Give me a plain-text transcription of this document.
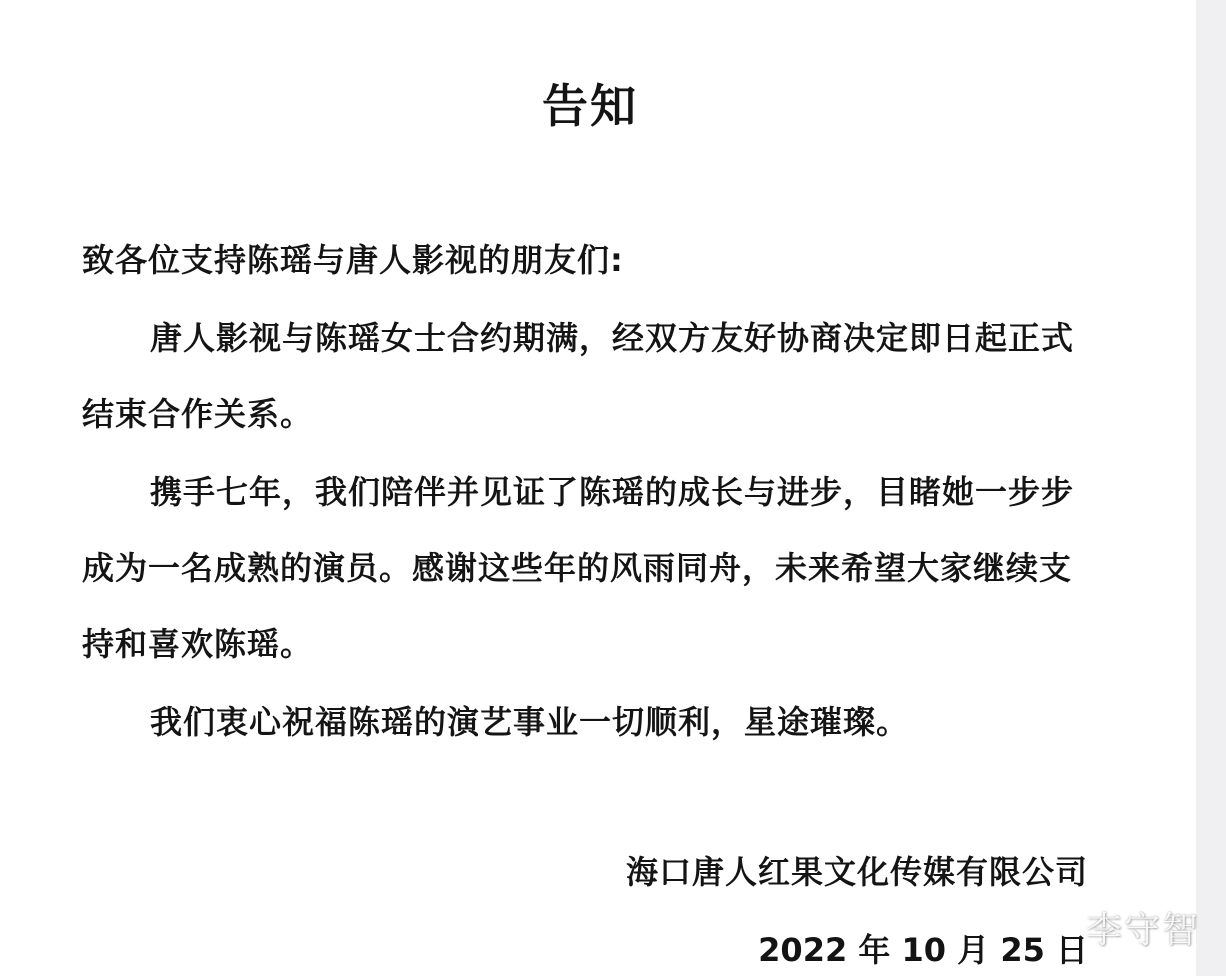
告知
致各位支持陈瑶与唐人影视的朋友们:
唐人影视与陈瑶女士合约期满，经双方友好协商决定即日起正式
结束合作关系。
携手七年，我们陪伴并见证了陈瑶的成长与进步，目睹她一步步
成为一名成熟的演员。感谢这些年的风雨同舟，未来希望大家继续支
持和喜欢陈瑶。
我们衷心祝福陈瑶的演艺事业一切顺利，星途璀璨。
海口唐人红果文化传媒有限公司
2022 年 10 月 25 日
李守智
